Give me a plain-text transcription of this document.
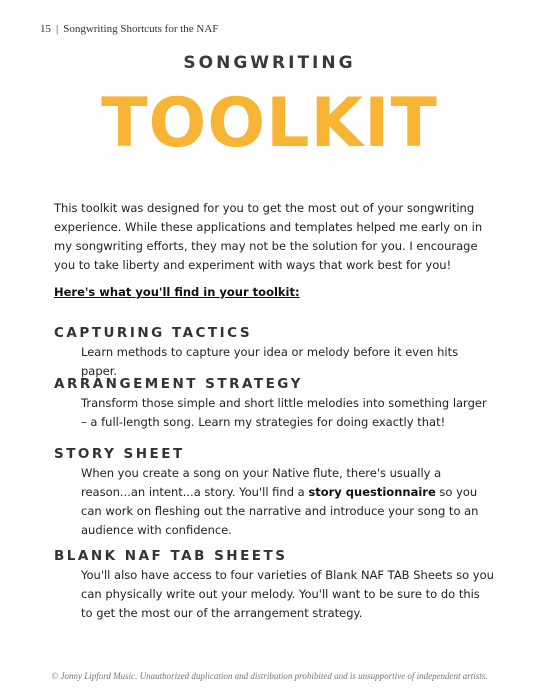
15 | Songwriting Shortcuts for the NAF
SONGWRITING
TOOLKIT

This toolkit was designed for you to get the most out of your songwriting experience. While these applications and templates helped me early on in my songwriting efforts, they may not be the solution for you. I encourage you to take liberty and experiment with ways that work best for you!

Here's what you'll find in your toolkit:

CAPTURING TACTICS

Learn methods to capture your idea or melody before it even hits paper.

ARRANGEMENT STRATEGY

Transform those simple and short little melodies into something larger – a full-length song. Learn my strategies for doing exactly that!

STORY SHEET

When you create a song on your Native flute, there's usually a reason...an intent...a story. You'll find a story questionnaire so you can work on fleshing out the narrative and introduce your song to an audience with confidence.

BLANK NAF TAB SHEETS

You'll also have access to four varieties of Blank NAF TAB Sheets so you can physically write out your melody. You'll want to be sure to do this to get the most our of the arrangement strategy.

© Jonny Lipford Music. Unauthorized duplication and distribution prohibited and is unsupportive of independent artists.
